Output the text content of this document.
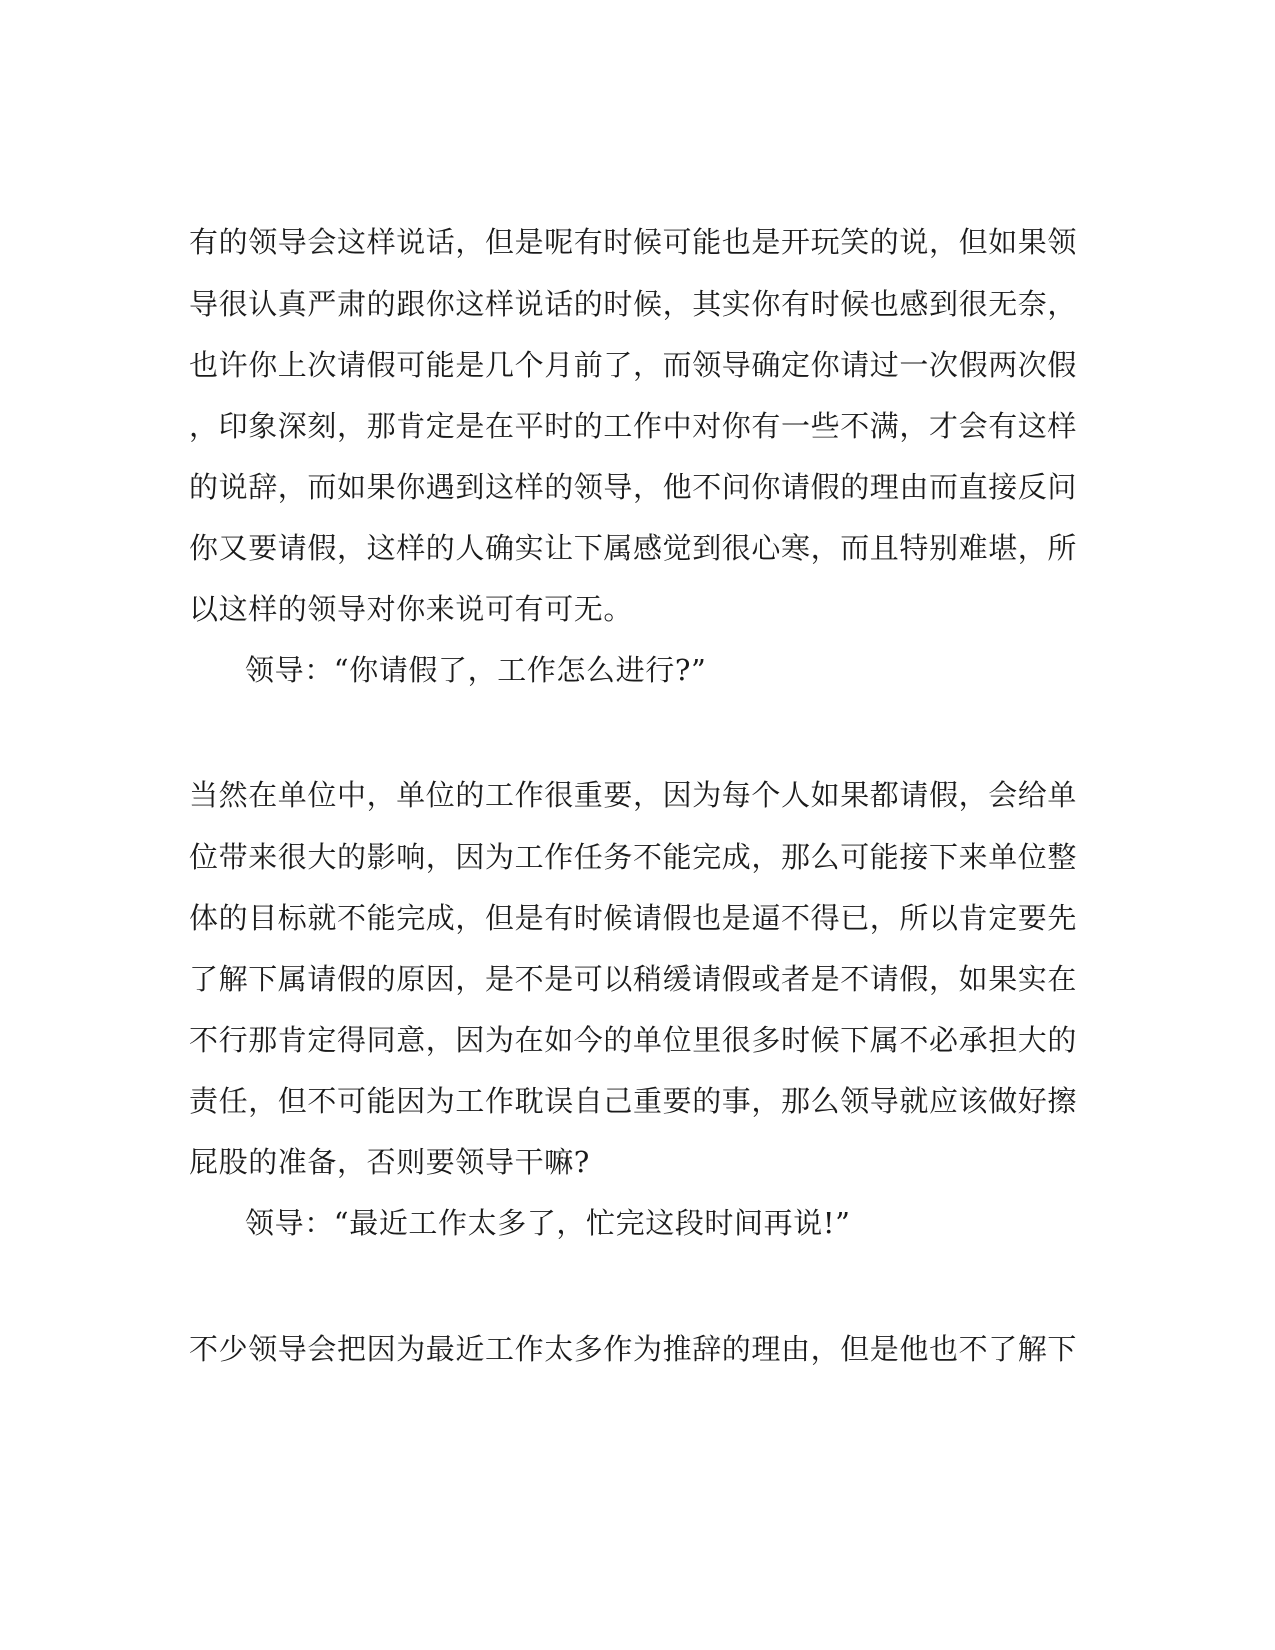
有的领导会这样说话，但是呢有时候可能也是开玩笑的说，但如果领
导很认真严肃的跟你这样说话的时候，其实你有时候也感到很无奈，
也许你上次请假可能是几个月前了，而领导确定你请过一次假两次假
，印象深刻，那肯定是在平时的工作中对你有一些不满，才会有这样
的说辞，而如果你遇到这样的领导，他不问你请假的理由而直接反问
你又要请假，这样的人确实让下属感觉到很心寒，而且特别难堪，所
以这样的领导对你来说可有可无。
领导：“你请假了，工作怎么进行?”
当然在单位中，单位的工作很重要，因为每个人如果都请假，会给单
位带来很大的影响，因为工作任务不能完成，那么可能接下来单位整
体的目标就不能完成，但是有时候请假也是逼不得已，所以肯定要先
了解下属请假的原因，是不是可以稍缓请假或者是不请假，如果实在
不行那肯定得同意，因为在如今的单位里很多时候下属不必承担大的
责任，但不可能因为工作耽误自己重要的事，那么领导就应该做好擦
屁股的准备，否则要领导干嘛?
领导：“最近工作太多了，忙完这段时间再说!”
不少领导会把因为最近工作太多作为推辞的理由，但是他也不了解下
